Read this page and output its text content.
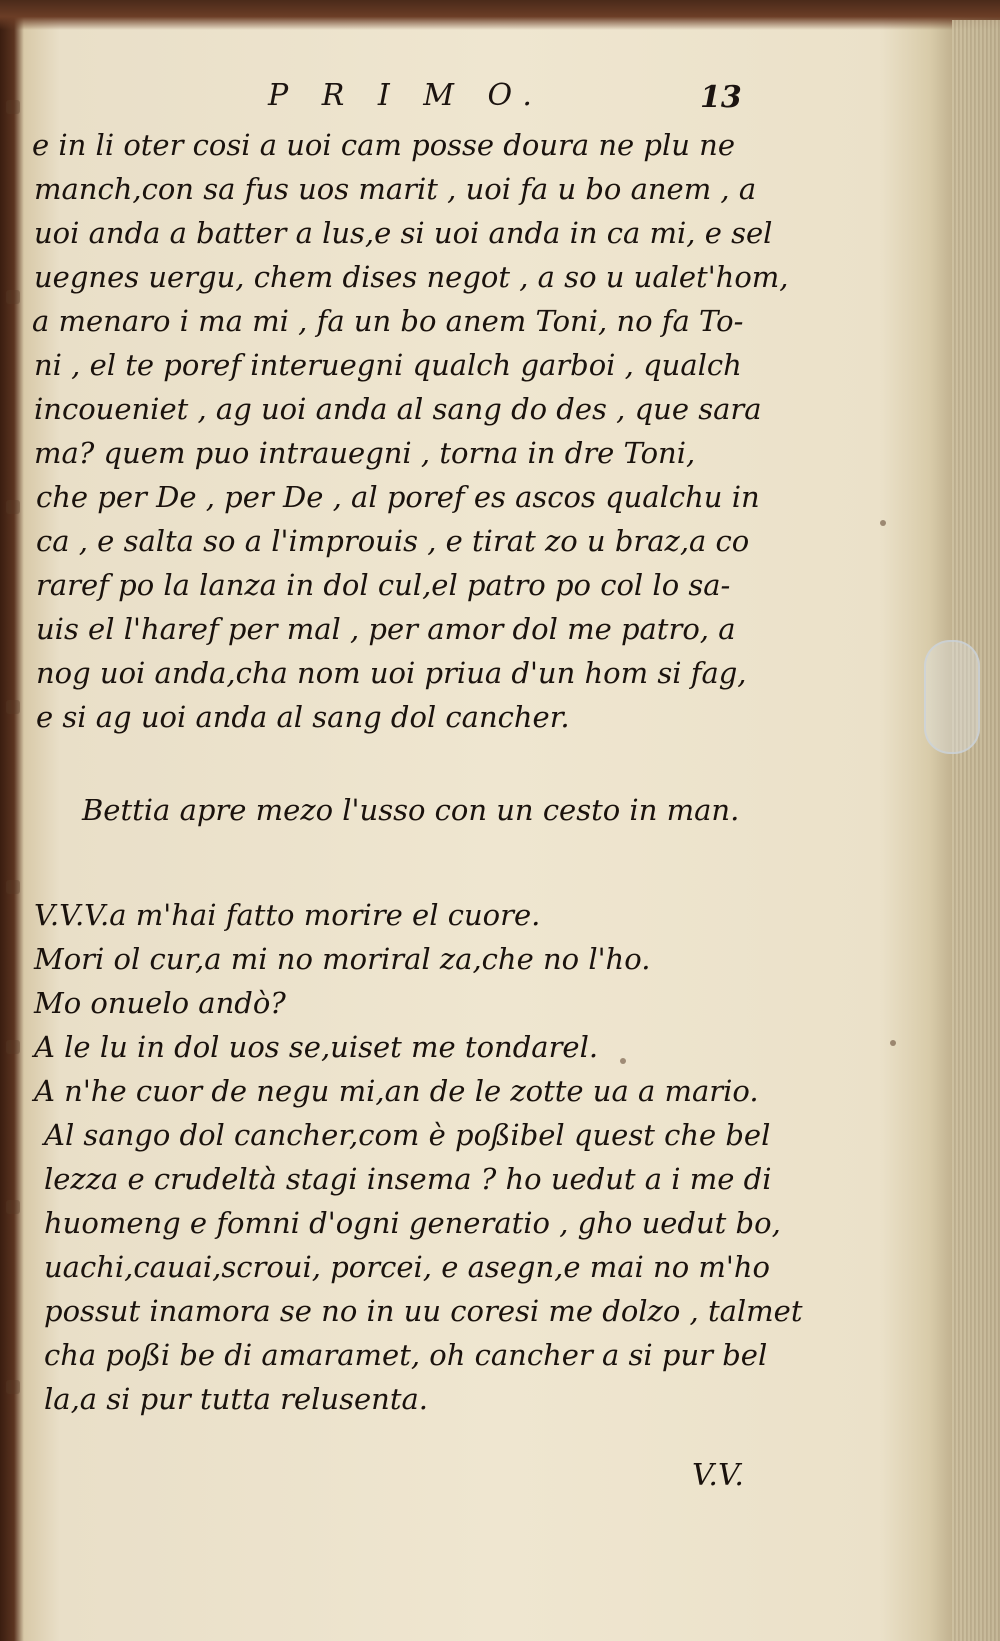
P R I M O.	13
e in li oter cosi a uoi cam posse doura ne plu ne
manch,con sa fus uos marit , uoi fa u bo anem , a
uoi anda a batter a lus,e si uoi anda in ca mi, e sel
uegnes uergu, chem dises negot , a so u ualet'hom,
a menaro i ma mi , fa un bo anem Toni, no fa To-
ni , el te poref interuegni qualch garboi , qualch
incoueniet , ag uoi anda al sang do des , que sara
ma? quem puo intrauegni , torna in dre Toni,
che per De , per De , al poref es ascos qualchu in
ca , e salta so a l'improuis , e tirat zo u braz,a co
raref po la lanza in dol cul,el patro po col lo sa-
uis el l'haref per mal , per amor dol me patro, a
nog uoi anda,cha nom uoi priua d'un hom si fag,
e si ag uoi anda al sang dol cancher.
Bettia apre mezo l'usso con un cesto in man.
V.V.V.a m'hai fatto morire el cuore.
Mori ol cur,a mi no moriral za,che no l'ho.
Mo onuelo andò?
A le lu in dol uos se,uiset me tondarel.
A n'he cuor de negu mi,an de le zotte ua a mario.
Al sango dol cancher,com è poßibel quest che bel
lezza e crudeltà stagi insema ? ho uedut a i me di
huomeng e fomni d'ogni generatio , gho uedut bo,
uachi,cauai,scroui, porcei, e asegn,e mai no m'ho
possut inamora se no in uu coresi me dolzo , talmet
cha poßi be di amaramet, oh cancher a si pur bel
la,a si pur tutta relusenta.
V.V.
